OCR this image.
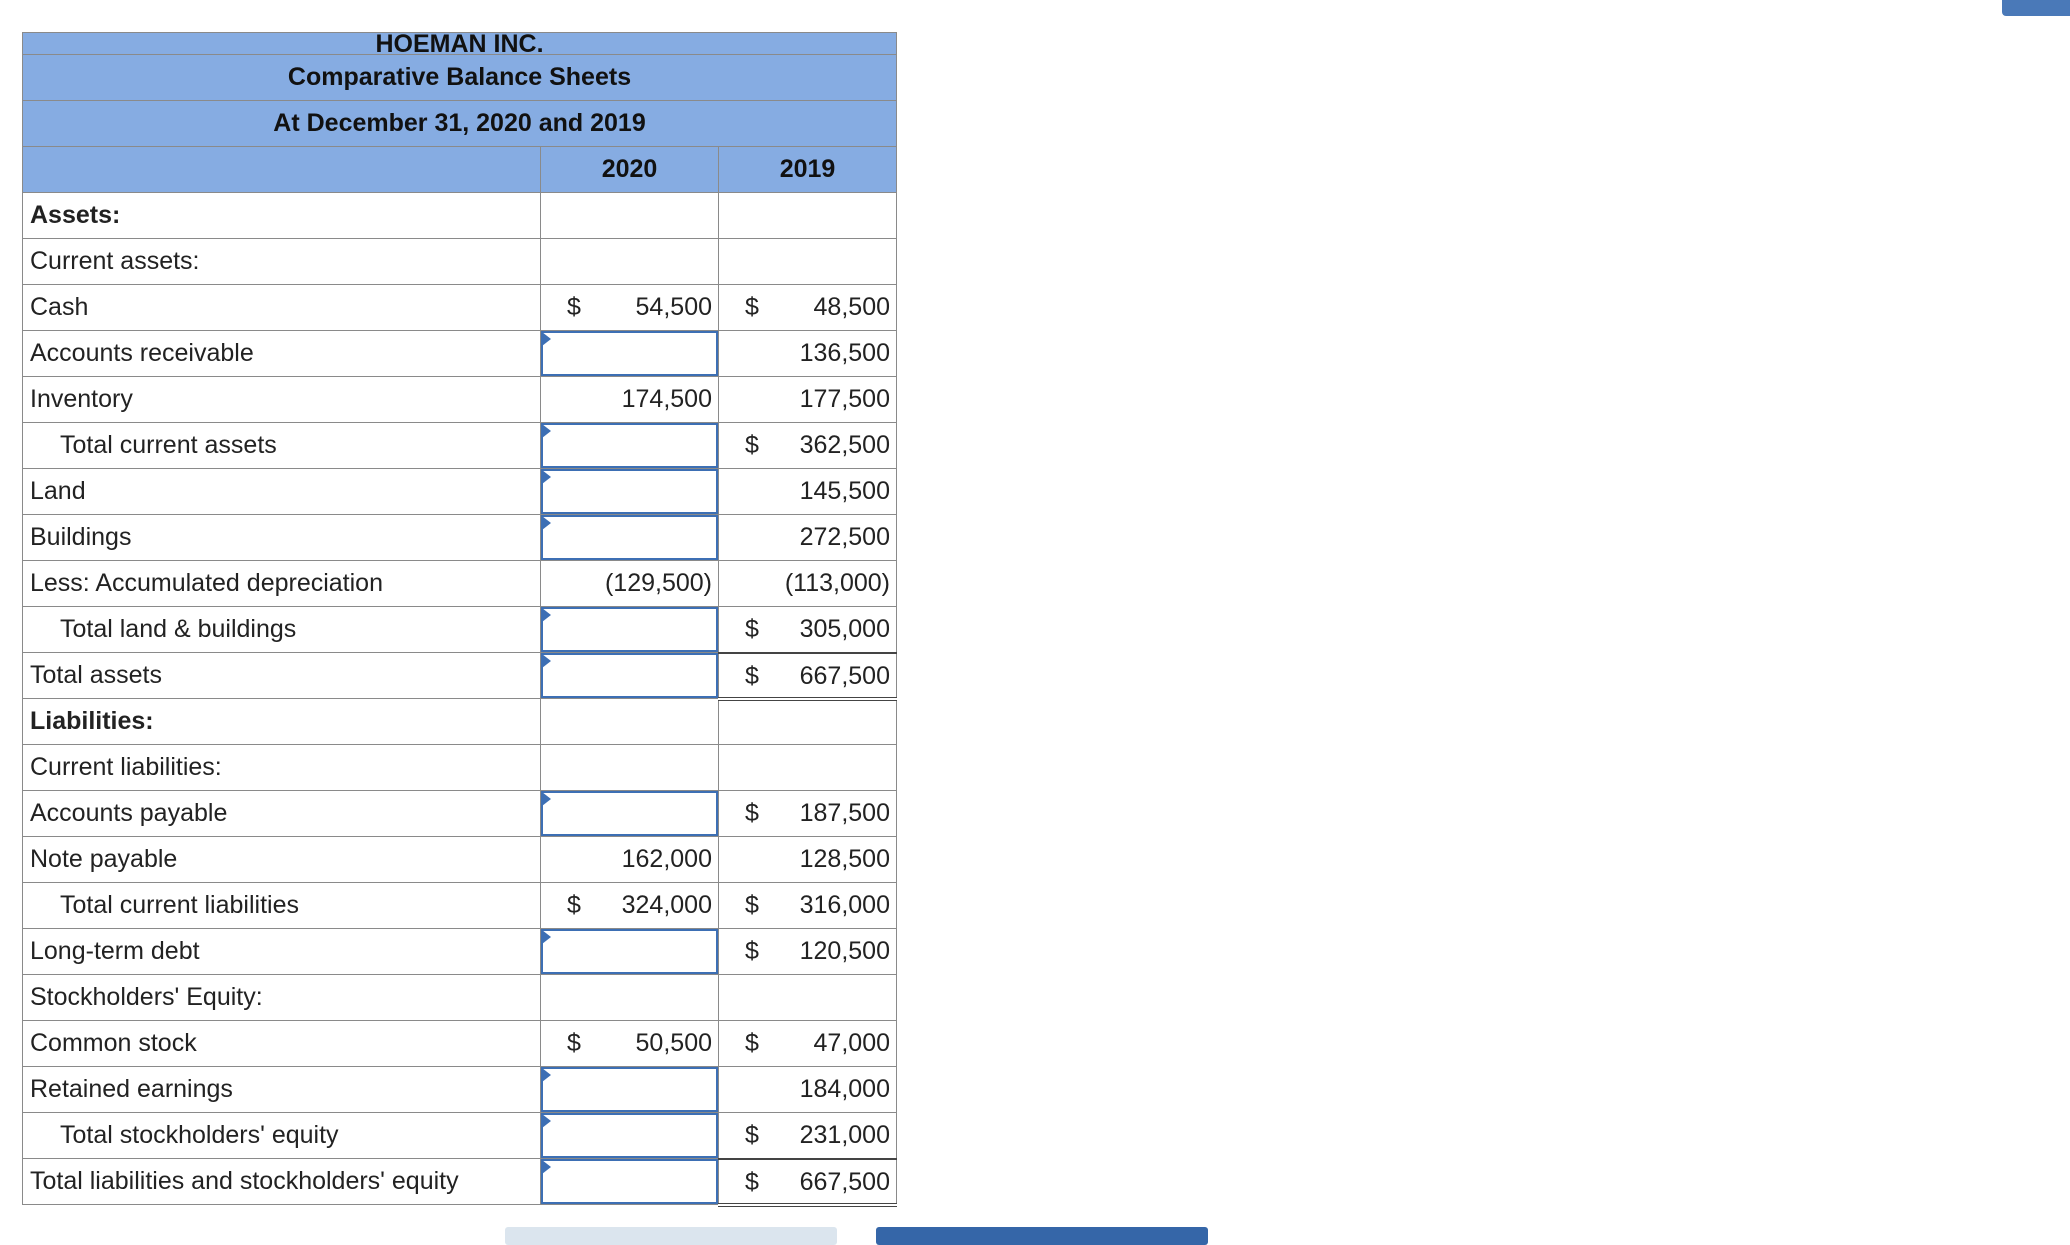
HOEMAN INC.		
Comparative Balance Sheets		
At December 31, 2020 and 2019		
	2020	2019
Assets:		
Current assets:		
Cash	$ 54,500	$ 48,500

Accounts receivable		136,500

Inventory	174,500	177,500

Total current assets		$ 362,500

Land		145,500

Buildings		272,500

Less: Accumulated depreciation	(129,500)	(113,000)

Total land & buildings		$ 305,000

Total assets		$ 667,500

Liabilities:		
Current liabilities:		
Accounts payable		$ 187,500

Note payable	162,000	128,500

Total current liabilities	$ 324,000	$ 316,000

Long-term debt		$ 120,500

Stockholders' Equity:		
Common stock	$ 50,500	$ 47,000

Retained earnings		184,000

Total stockholders' equity		$ 231,000

Total liabilities and stockholders' equity		$ 667,500
